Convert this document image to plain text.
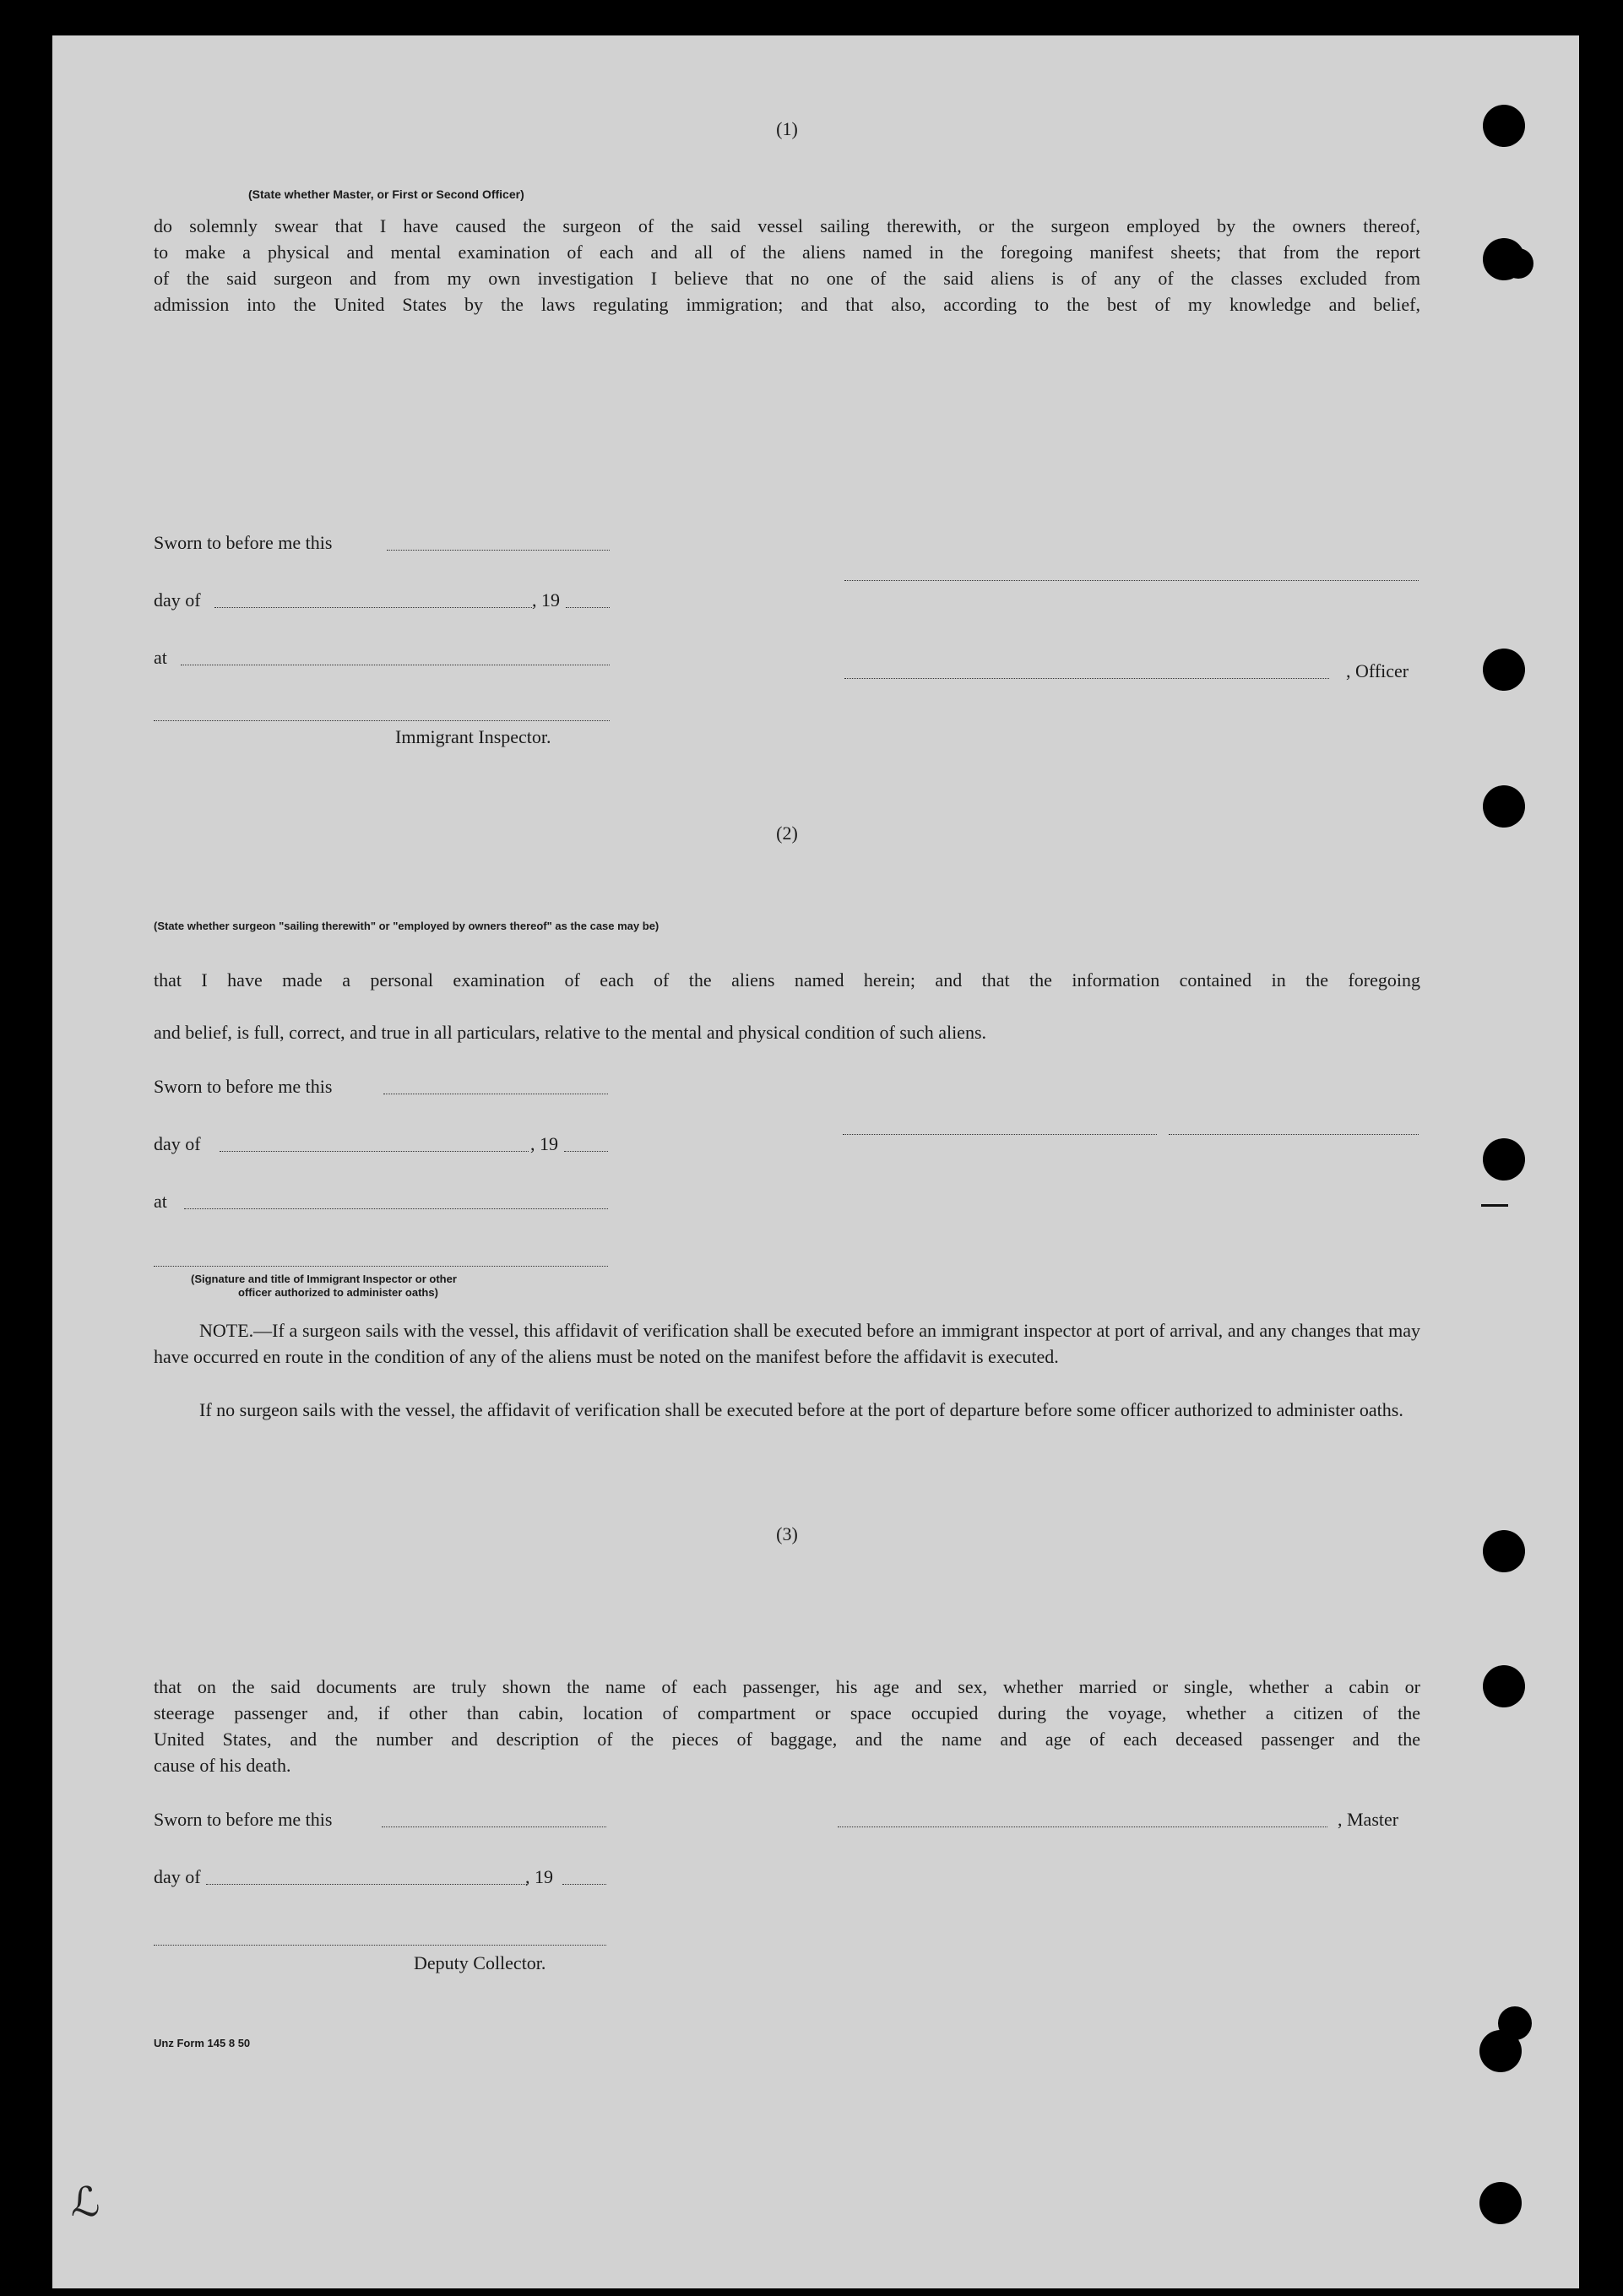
(1)
(State whether Master, or First or Second Officer)
do solemnly swear that I have caused the surgeon of the said vessel sailing therewith, or the surgeon employed by the owners thereof,
to make a physical and mental examination of each and all of the aliens named in the foregoing manifest sheets; that from the report
of the said surgeon and from my own investigation I believe that no one of the said aliens is of any of the classes excluded from
admission into the United States by the laws regulating immigration; and that also, according to the best of my knowledge and belief,
Sworn to before me this
day of	, 19
at
, Officer
Immigrant Inspector.
(2)
(State whether surgeon "sailing therewith" or "employed by owners thereof" as the case may be)
that I have made a personal examination of each of the aliens named herein; and that the information contained in the foregoing
and belief, is full, correct, and true in all particulars, relative to the mental and physical condition of such aliens.
Sworn to before me this
day of	, 19
at
(Signature and title of Immigrant Inspector or other
officer authorized to administer oaths)
NOTE.—If a surgeon sails with the vessel, this affidavit of verification shall be executed before an immigrant inspector at port of arrival, and any changes that may have occurred en route in the condition of any of the aliens must be noted on the manifest before the affidavit is executed.
If no surgeon sails with the vessel, the affidavit of verification shall be executed before at the port of departure before some officer authorized to administer oaths.
(3)
that on the said documents are truly shown the name of each passenger, his age and sex, whether married or single, whether a cabin or
steerage passenger and, if other than cabin, location of compartment or space occupied during the voyage, whether a citizen of the
United States, and the number and description of the pieces of baggage, and the name and age of each deceased passenger and the
cause of his death.
Sworn to before me this	, Master
day of	, 19
Deputy Collector.
Unz Form 145 8 50
ℒ
